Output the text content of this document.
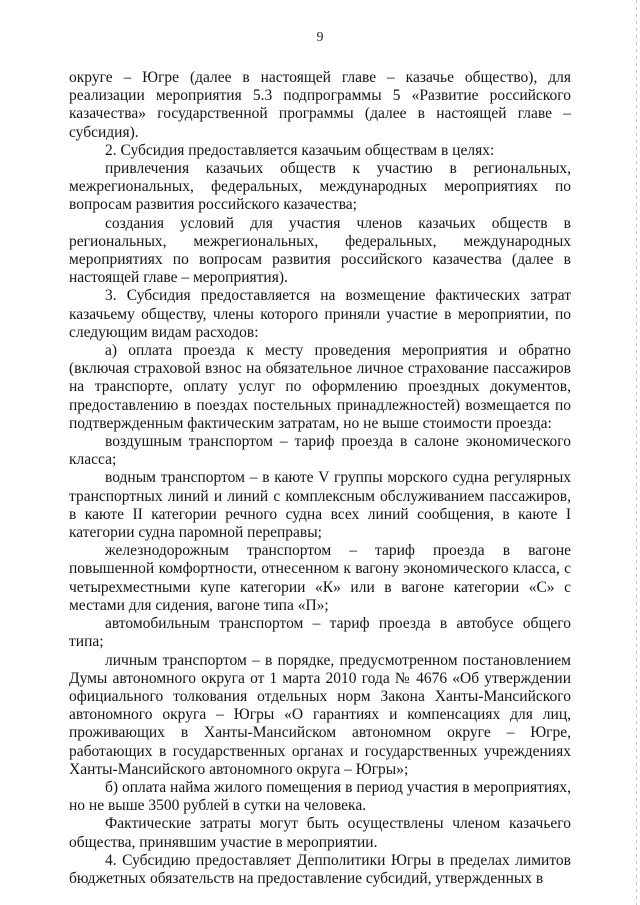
9

округе – Югре (далее в настоящей главе – казачье общество), для реализации мероприятия 5.3 подпрограммы 5 «Развитие российского казачества» государственной программы (далее в настоящей главе – субсидия).

2. Субсидия предоставляется казачьим обществам в целях:

привлечения казачьих обществ к участию в региональных, межрегиональных, федеральных, международных мероприятиях по вопросам развития российского казачества;

создания условий для участия членов казачьих обществ в региональных, межрегиональных, федеральных, международных мероприятиях по вопросам развития российского казачества (далее в настоящей главе – мероприятия).

3. Субсидия предоставляется на возмещение фактических затрат казачьему обществу, члены которого приняли участие в мероприятии, по следующим видам расходов:

а) оплата проезда к месту проведения мероприятия и обратно (включая страховой взнос на обязательное личное страхование пассажиров на транспорте, оплату услуг по оформлению проездных документов, предоставлению в поездах постельных принадлежностей) возмещается по подтвержденным фактическим затратам, но не выше стоимости проезда:

воздушным транспортом – тариф проезда в салоне экономического класса;

водным транспортом – в каюте V группы морского судна регулярных транспортных линий и линий с комплексным обслуживанием пассажиров, в каюте II категории речного судна всех линий сообщения, в каюте I категории судна паромной переправы;

железнодорожным транспортом – тариф проезда в вагоне повышенной комфортности, отнесенном к вагону экономического класса, с четырехместными купе категории «К» или в вагоне категории «С» с местами для сидения, вагоне типа «П»;

автомобильным транспортом – тариф проезда в автобусе общего типа;

личным транспортом – в порядке, предусмотренном постановлением Думы автономного округа от 1 марта 2010 года № 4676 «Об утверждении официального толкования отдельных норм Закона Ханты-Мансийского автономного округа – Югры «О гарантиях и компенсациях для лиц, проживающих в Ханты-Мансийском автономном округе – Югре, работающих в государственных органах и государственных учреждениях Ханты-Мансийского автономного округа – Югры»;

б) оплата найма жилого помещения в период участия в мероприятиях, но не выше 3500 рублей в сутки на человека.

Фактические затраты могут быть осуществлены членом казачьего общества, принявшим участие в мероприятии.

4. Субсидию предоставляет Депполитики Югры в пределах лимитов бюджетных обязательств на предоставление субсидий, утвержденных в
